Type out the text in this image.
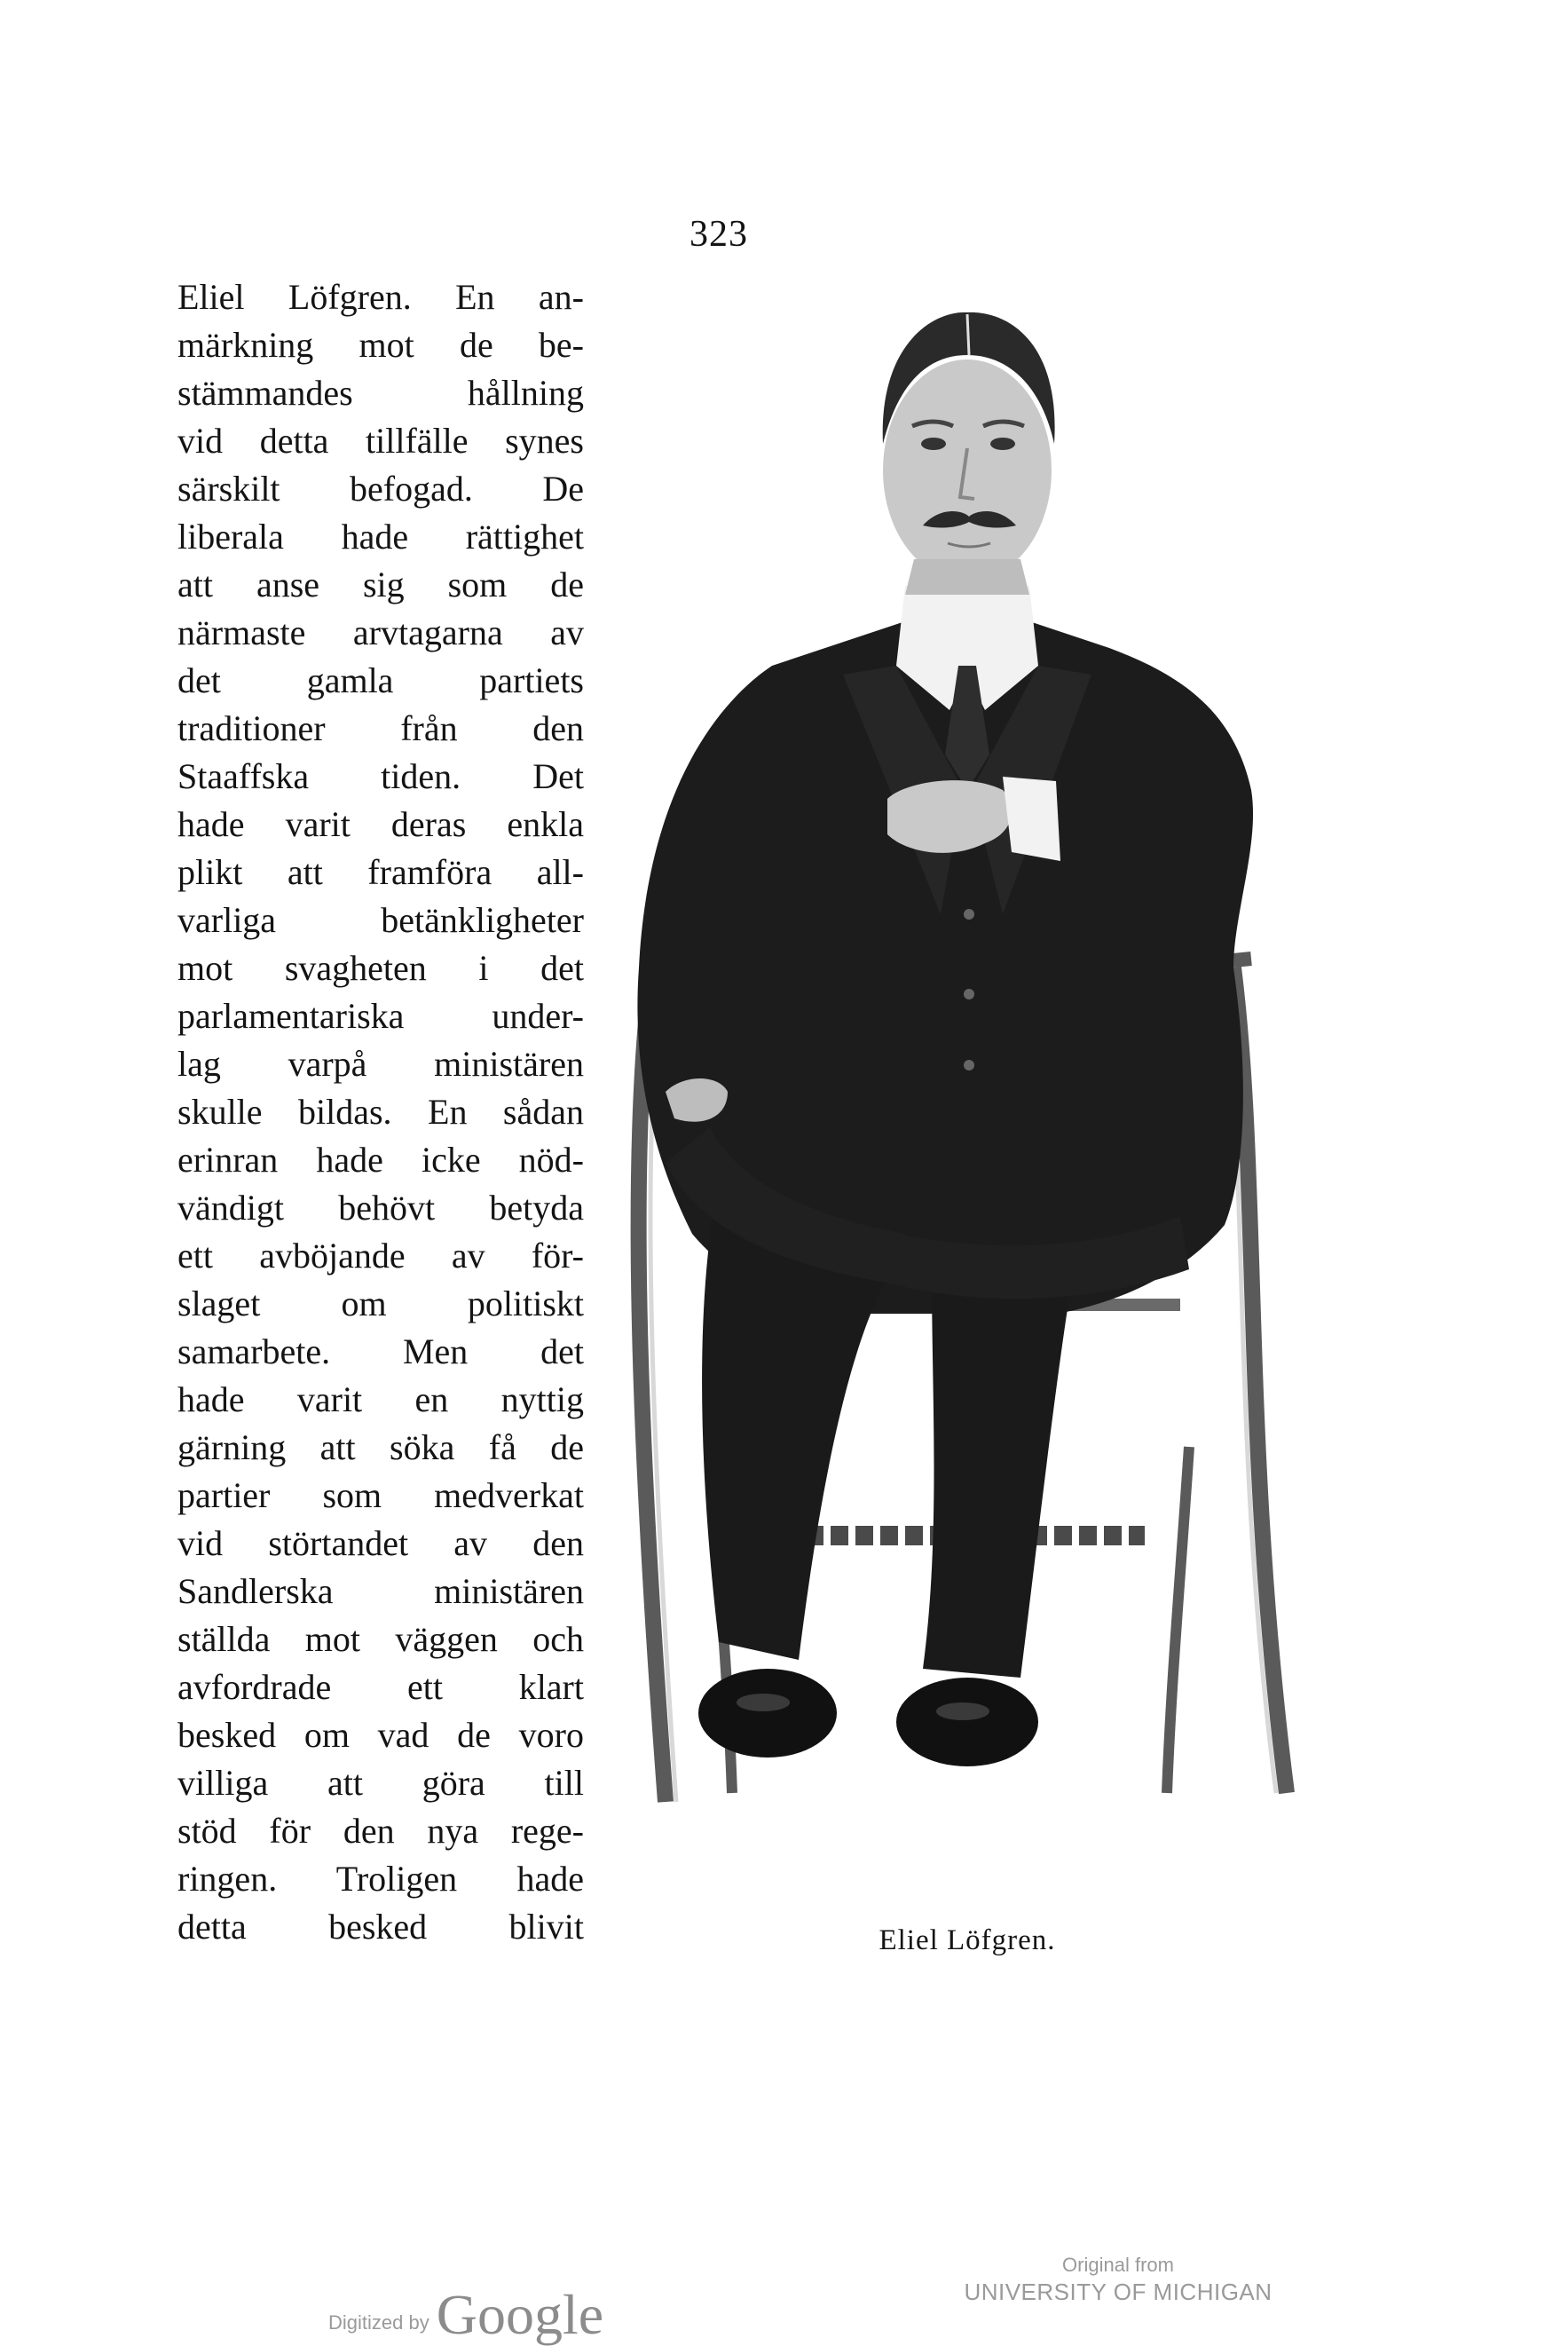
323

Eliel Löfgren. En an-
märkning mot de be-
stämmandes hållning
vid detta tillfälle synes
särskilt befogad. De
liberala hade rättighet
att anse sig som de
närmaste arvtagarna av
det gamla partiets
traditioner från den
Staaffska tiden. Det
hade varit deras enkla
plikt att framföra all-
varliga betänkligheter
mot svagheten i det
parlamentariska under-
lag varpå ministären
skulle bildas. En sådan
erinran hade icke nöd-
vändigt behövt betyda
ett avböjande av för-
slaget om politiskt
samarbete. Men det
hade varit en nyttig
gärning att söka få de
partier som medverkat
vid störtandet av den
Sandlerska ministären
ställda mot väggen och
avfordrade ett klart
besked om vad de voro
villiga att göra till
stöd för den nya rege-
ringen. Troligen hade
detta besked blivit	Eliel Löfgren.

Digitized by Google
Original from
UNIVERSITY OF MICHIGAN
